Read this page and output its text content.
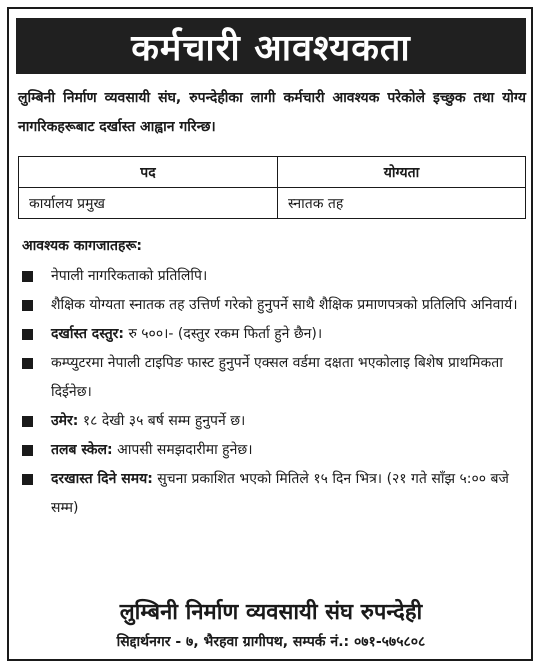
कर्मचारी आवश्यकता
लुम्बिनी निर्माण व्यवसायी संघ, रुपन्देहीका लागी कर्मचारी आवश्यक परेकोले इच्छुक तथा योग्य नागरिकहरूबाट दर्खास्त आह्वान गरिन्छ।
पद	योग्यता
कार्यालय प्रमुख	स्नातक तह
आवश्यक कागजातहरू:
नेपाली नागरिकताको प्रतिलिपि।
शैक्षिक योग्यता स्नातक तह उत्तिर्ण गरेको हुनुपर्ने साथै शैक्षिक प्रमाणपत्रको प्रतिलिपि अनिवार्य।
दर्खास्त दस्तुर: रु ५००।- (दस्तुर रकम फिर्ता हुने छैन)।
कम्प्युटरमा नेपाली टाइपिङ फास्ट हुनुपर्ने एक्सल वर्डमा दक्षता भएकोलाइ बिशेष प्राथमिकता दिईनेछ।
उमेर: १८ देखी ३५ बर्ष सम्म हुनुपर्ने छ।
तलब स्केल: आपसी समझदारीमा हुनेछ।
दरखास्त दिने समय: सुचना प्रकाशित भएको मितिले १५ दिन भित्र। (२१ गते साँझ ५:०० बजे सम्म)
लुम्बिनी निर्माण व्यवसायी संघ रुपन्देही
सिद्दार्थनगर - ७, भैरहवा ग्रागीपथ, सम्पर्क नं.: ०७१-५७५८०८
